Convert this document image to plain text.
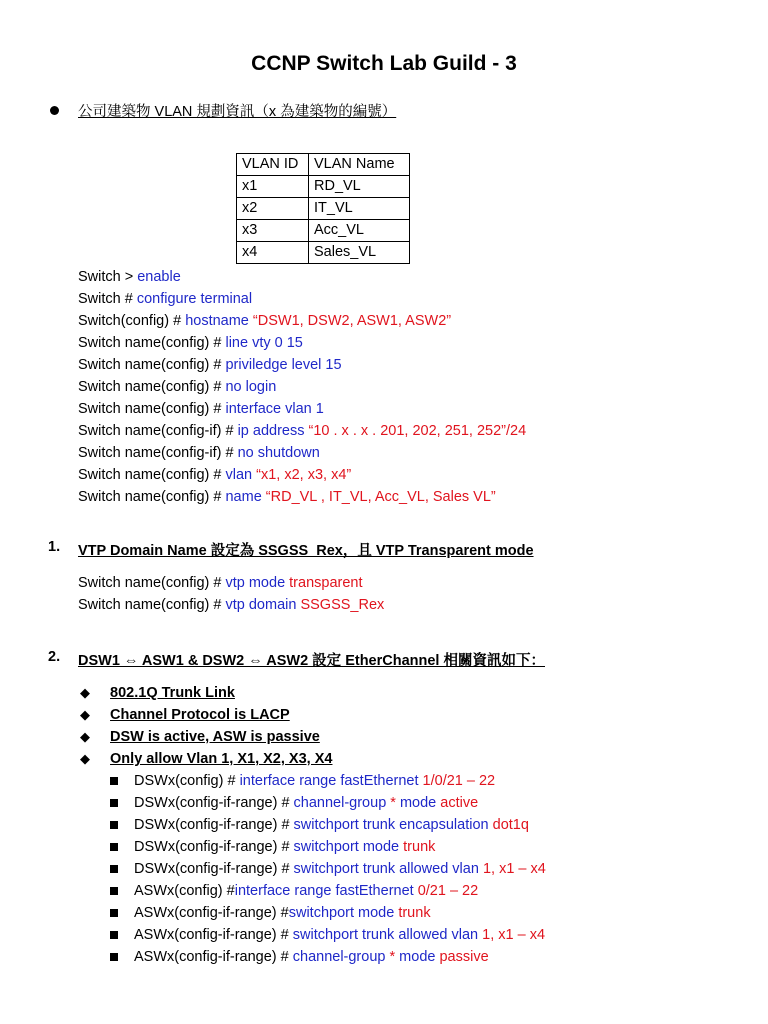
CCNP Switch Lab Guild - 3
公司建築物 VLAN 規劃資訊（x 為建築物的編號）
VLAN ID	VLAN Name
x1	RD_VL
x2	IT_VL
x3	Acc_VL
x4	Sales_VL
Switch > enable
Switch # configure terminal
Switch(config) # hostname “DSW1, DSW2, ASW1, ASW2”
Switch name(config) # line vty 0 15
Switch name(config) # priviledge level 15
Switch name(config) # no login
Switch name(config) # interface vlan 1
Switch name(config-if) # ip address “10 . x . x . 201, 202, 251, 252”/24
Switch name(config-if) # no shutdown
Switch name(config) # vlan “x1, x2, x3, x4”
Switch name(config) # name “RD_VL , IT_VL, Acc_VL, Sales VL”
1. VTP Domain Name 設定為 SSGSS_Rex，且 VTP Transparent mode
Switch name(config) # vtp mode transparent
Switch name(config) # vtp domain SSGSS_Rex
2. DSW1 ⇔ ASW1 & DSW2 ⇔ ASW2 設定 EtherChannel 相關資訊如下：
◆ 802.1Q Trunk Link
◆ Channel Protocol is LACP
◆ DSW is active, ASW is passive
◆ Only allow Vlan 1, X1, X2, X3, X4
DSWx(config) # interface range fastEthernet 1/0/21 – 22
DSWx(config-if-range) # channel-group * mode active
DSWx(config-if-range) # switchport trunk encapsulation dot1q
DSWx(config-if-range) # switchport mode trunk
DSWx(config-if-range) # switchport trunk allowed vlan 1, x1 – x4
ASWx(config) #interface range fastEthernet 0/21 – 22
ASWx(config-if-range) #switchport mode trunk
ASWx(config-if-range) # switchport trunk allowed vlan 1, x1 – x4
ASWx(config-if-range) # channel-group * mode passive
